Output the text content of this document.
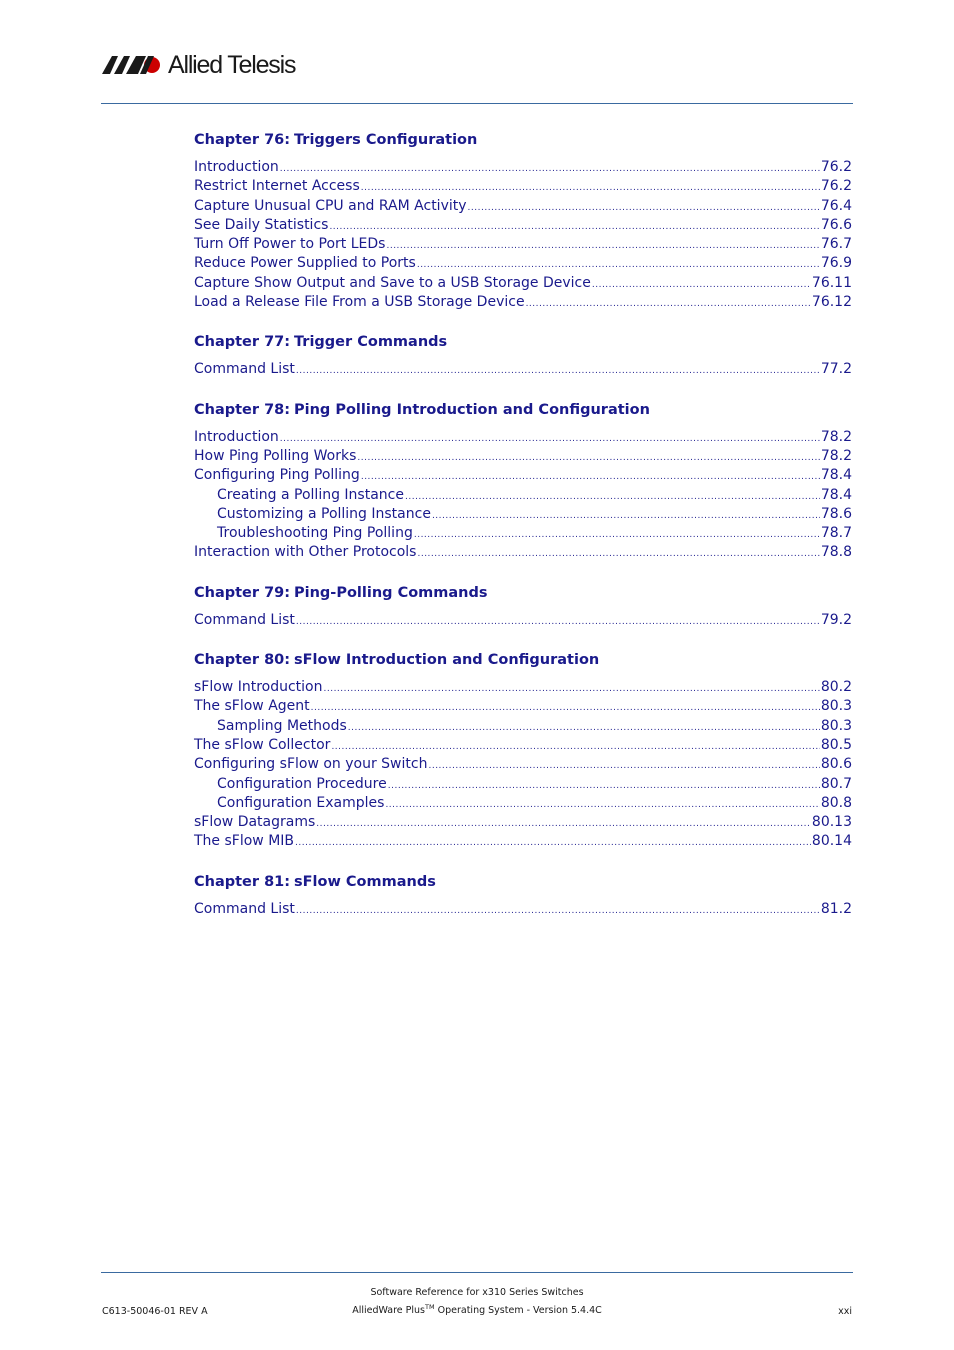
Allied Telesis
Chapter 76: Triggers Configuration
Introduction .....	76.2
Restrict Internet Access .....	76.2
Capture Unusual CPU and RAM Activity .....	76.4
See Daily Statistics .....	76.6
Turn Off Power to Port LEDs .....	76.7
Reduce Power Supplied to Ports .....	76.9
Capture Show Output and Save to a USB Storage Device .....	76.11
Load a Release File From a USB Storage Device .....	76.12
Chapter 77: Trigger Commands
Command List .....	77.2
Chapter 78: Ping Polling Introduction and Configuration
Introduction .....	78.2
How Ping Polling Works .....	78.2
Configuring Ping Polling .....	78.4
Creating a Polling Instance .....	78.4
Customizing a Polling Instance .....	78.6
Troubleshooting Ping Polling .....	78.7
Interaction with Other Protocols .....	78.8
Chapter 79: Ping-Polling Commands
Command List .....	79.2
Chapter 80: sFlow Introduction and Configuration
sFlow Introduction .....	80.2
The sFlow Agent .....	80.3
Sampling Methods .....	80.3
The sFlow Collector .....	80.5
Configuring sFlow on your Switch .....	80.6
Configuration Procedure .....	80.7
Configuration Examples .....	80.8
sFlow Datagrams .....	80.13
The sFlow MIB .....	80.14
Chapter 81: sFlow Commands
Command List .....	81.2
Software Reference for x310 Series Switches
AlliedWare Plus™ Operating System - Version 5.4.4C
C613-50046-01 REV A	xxi
